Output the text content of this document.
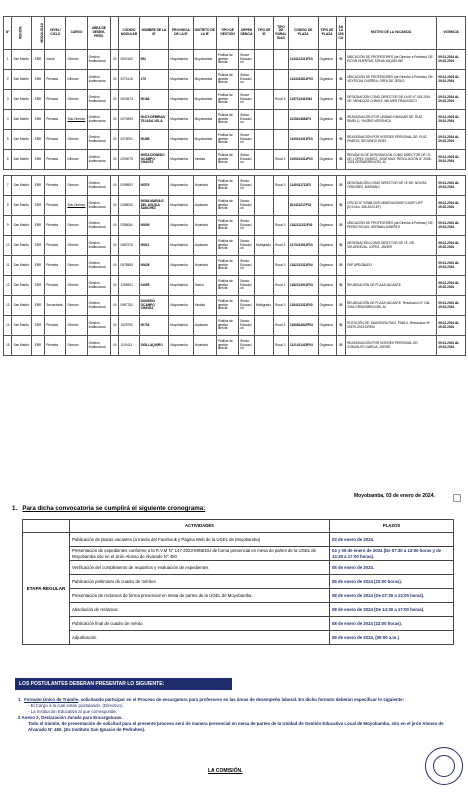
N°	REGIÓN	MODALIDAD	NIVEL/ CICLO	CARGO	ÁREA DE DESEM-PEÑO		CÓDIGO MODULAR	NOMBRE DE LA IE	PROVINCIA DE LA IE	DISTRITO DE LA IE	TIPO DE GESTIÓN	DEPENDENCIA	TIPO DE IE	TIPO DE RURALIDAD	CÓDIGO DE PLAZA	TIPO DE PLAZA	AULA ÚNICA	MOTIVO DE LA VACANCIA	VIGENCIA
1	San Martín	EBR	Inicial	Director	Gestión Institucional	40	0502182	092	Moyobamba	Moyobamba	Pública de gestión directa	Sector Educación			1144112311F03	Orgánica	Si	UBICACIÓN DE PROFESORES (de Director a Profesor) DE: PICON HUERTAS, SONIA YAQUELINE	09.01.2024 AL 29.02.2024
2	San Martín	EBR	Primaria	Director	Gestión Institucional	40	0274118	175	Moyobamba	Moyobamba	Pública de gestión directa	Sector Educación			1144312811F03	Orgánica	Si	UBICACIÓN DE PROFESORES (de Director a Profesor) DE: VEXTEGUI GUERRA, ORFA DE JESUS	09.01.2024 AL 29.02.2024
3	San Martín	EBR	Primaria	Director	Gestión Institucional	40	0503574	00184	Moyobamba	Moyobamba	Pública de gestión directa	Sector Educación		Rural 3	1157113412W4	Orgánica	Si	DESIGNACIÓN COMO DIRECTOR DE LA IE N° 315-2016 DE: MENDOZA CHAVEZ, WILMER FRANCISCO	09.01.2024 AL 29.02.2024
4	San Martín	EBR	Primaria	Sub-Director	Gestión Institucional	40	0274993	00474 DEBRIAN TEJADA VELA	Moyobamba	Moyobamba	Pública de gestión directa	Sector Educación			1119413881F3	Orgánica	Si	REASIGNACIÓN POR UNIDAD FAMILIAR DE: RUIZ RIMELO, YNGRID VERONICA	09.01.2024 AL 29.02.2024
5	San Martín	EBR	Primaria	Director	Gestión Institucional	40	0275091	00486	Moyobamba	Moyobamba	Pública de gestión directa	Sector Educación			1109113411F03	Orgánica	Si	REASIGNACIÓN POR INTERES PERSONAL DE: RUIZ PINEDO, SEGUNDO ROEL	09.01.2024 AL 29.02.2024
6	San Martín	EBR	Primaria	Director	Gestión Institucional	40	0290075	00518 DIONISIO OCAMPO CHAVEZ	Moyobamba	Yantalo	Pública de gestión directa	Sector Educación		Rural 3	1109113411F03	Orgánica	Si	RENUNCIA DE DESIGNACIÓN COMO DIRECTOR DE I.E. DE: LÓPEZ CHAVEZ, JOSE MAX, RESOLUCIÓN N° 2066-2023 GRSM/DRE/UGEL-M	09.01.2024 AL 29.02.2024

7	San Martín	EBR	Primaria	Director	Gestión Institucional	40	0298992	00576	Moyobamba	Jepelacio	Pública de gestión directa	Sector Educación		Rural 3	1140311711F3	Orgánica	Si	DESIGNACIÓN COMO DIRECTOR DE I.E DE: NOVOA ORDOÑEZ, MARIANO	09.01.2024 AL 29.02.2024
8	San Martín	EBR	Primaria	Sub-Director	Gestión Institucional	40	0288050	00584 MARIA E. DEL AGUILA SANCHEZ	Moyobamba	Jepelacio	Pública de gestión directa	Sector Educación			821411217F03	Orgánica	Si	OFICIO N° 00568-2020-MINEDU/VMGP-DIGEP-UFP (D.S.Nro. 336-2020-EF)	09.01.2024 AL 29.02.2024
9	San Martín	EBR	Primaria	Director	Gestión Institucional	40	0288084	00609	Moyobamba	Jepelacio	Pública de gestión directa	Sector Educación		Rural 3	1182111311F03	Orgánica	Si	UBICACIÓN DE PROFESORES (de Director a Profesor) DE: PEREZ ROJAS, HERMAN ALBERTO	09.01.2024 AL 29.02.2024
10	San Martín	EBR	Primaria	Director	Gestión Institucional	40	0587576	00611	Moyobamba	Jepelacio	Pública de gestión directa	Sector Educación	Multigrado	Rural 3	1173211511F03	Orgánica	Si	DESIGNACIÓN COMO DIRECTOR DE I.E. DE: VELARDEZUL LOPEZ, JAVIER	09.01.2024 AL 29.02.2024
11	San Martín	EBR	Primaria	Director	Gestión Institucional	40	0578585	00628	Moyobamba	Jepelacio	Pública de gestión directa	Sector Educación		Rural 3	1182211311F04	Orgánica	Si	PAP APROBADO	09.01.2024 AL 29.02.2024
12	San Martín	EBR	Primaria	Director	Gestión Institucional	40	1289951	01055	Moyobamba	Soritor	Pública de gestión directa	Sector Educación		Rural 1	1182213911F03	Orgánica	Si	REUBICACIÓN DE PLAZA VACANTE	09.01.2024 AL 29.02.2024
13	San Martín	EBR	Secundaria	Director	Gestión Institucional	40	0587782	DIONISIO OCAMPO CHAVEZ	Moyobamba	Yantalo	Pública de gestión directa	Sector Educación	Multigrado	Rural 3	1184211311F03	Orgánica	Si	REUBICACIÓN DE PLAZA VACANTE, Resolución N° 136-2016-GRSM/DRE/UGEL-M	09.01.2024 AL 29.02.2024
14	San Martín	EBR	Primaria	Director	Gestión Institucional	40	1529750	00793	Moyobamba	Jepelacio	Pública de gestión directa	Sector Educación		Rural 3	1180814622F03	Orgánica	Si	ROTACIÓN DE: SAAVEDRA RUIZ, PABLO, Resolución Nº 00379-2023-DREM	09.01.2024 AL 29.02.2024
15	San Martín	EBR	Primaria	Director	Gestión Institucional	40	1119411	SIGLLAQUIRO	Moyobamba	Jepelacio	Pública de gestión directa	Sector Educación		Rural 2	1121411415F04	Orgánica	Si	REASIGNACIÓN POR INTERES PERSONAL DE: GONZALES GARCIA, JORGE	09.01.2024 AL 29.02.2024
Moyobamba, 03 de enero de 2024.
1. Para dicha convocatoria se cumplirá el siguiente cronograma:
	ACTIVIDADES	PLAZOS
ETAPA REGULAR	Publicación de plazas vacantes (a través del Facebook y Página Web de la UGEL de Moyobamba)	03 de enero de 2024.
	Presentación de expedientes conforme a la R.V.M N° 147-2023-MINEDU de forma presencial en mesa de partes de la UGEL de Moyobamba sito en el Jirón Alonso de Alvarado N° 450	04 y 05 de enero de 2024 (De 07:30 a 13:00 horas y de 14:30 a 17:00 horas).
	Verificación del cumplimiento de requisitos y evaluación de expedientes	05 de enero de 2024.
	Publicación preliminar de cuadro de méritos	05 de enero de 2024 (22:00 horas).
	Presentación de reclamos de forma presencial en mesa de partes de la UGEL de Moyobamba.	08 de enero de 2024 (De 07:30 a 13:00 horas).
	Absolución de reclamos	08 de enero de 2024 (De 14:30 a 17:00 horas).
	Publicación final de cuadro de mérito	08 de enero de 2024 (22:00 horas).
	Adjudicación	09 de enero de 2024, (09:00 a.m.)
LOS POSTULANTES DEBERAN PRESENTAR LO SIGUIENTE:

1 Formato Único de Trámite, solicitando participar en el Proceso de encargatura para profesores en las áreas de desempeño laboral. En dicho formato deberán especificar lo siguiente:

- El Cargo a la cual están postulando. (Directivo).

- La Institución Educativa al que corresponde.

2 Anexo 2, Declaración Jurada para Encargaturas.

Todo el trámite, de presentación de solicitud para el presente proceso será de manera presencial en mesa de partes de la Unidad de Gestión Educativa Local de Moyobamba, sito en el jirón Alonso de Alvarado N° 450. (Ex Instituto San Ignacio de Pedrahes).

LA COMISIÓN.
